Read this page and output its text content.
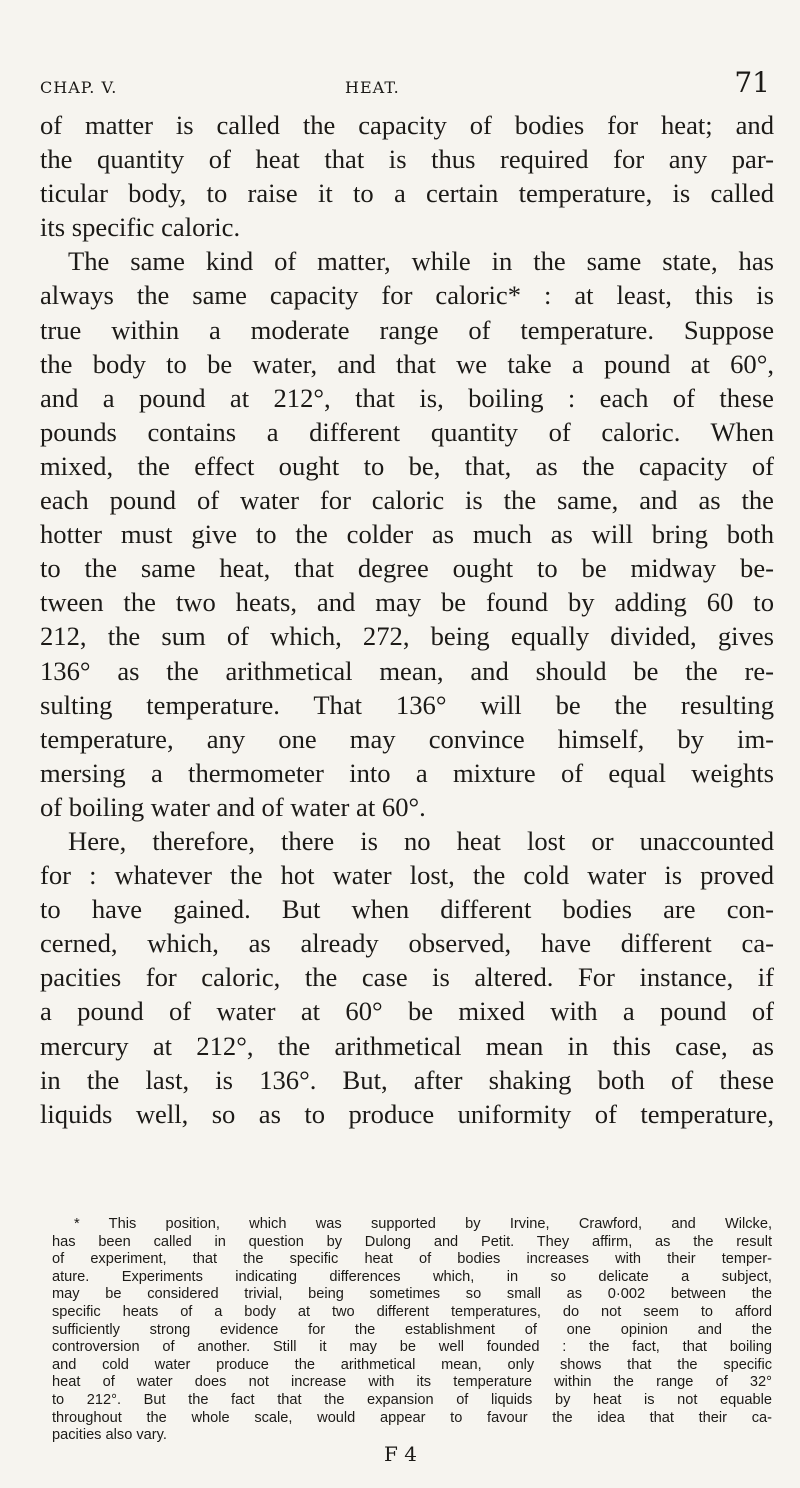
CHAP. V.	HEAT.	71
of matter is called the capacity of bodies for heat; and
the quantity of heat that is thus required for any par-
ticular body, to raise it to a certain temperature, is called
its specific caloric.
The same kind of matter, while in the same state, has
always the same capacity for caloric* : at least, this is
true within a moderate range of temperature. Suppose
the body to be water, and that we take a pound at 60°,
and a pound at 212°, that is, boiling : each of these
pounds contains a different quantity of caloric. When
mixed, the effect ought to be, that, as the capacity of
each pound of water for caloric is the same, and as the
hotter must give to the colder as much as will bring both
to the same heat, that degree ought to be midway be-
tween the two heats, and may be found by adding 60 to
212, the sum of which, 272, being equally divided, gives
136° as the arithmetical mean, and should be the re-
sulting temperature. That 136° will be the resulting
temperature, any one may convince himself, by im-
mersing a thermometer into a mixture of equal weights
of boiling water and of water at 60°.
Here, therefore, there is no heat lost or unaccounted
for : whatever the hot water lost, the cold water is proved
to have gained. But when different bodies are con-
cerned, which, as already observed, have different ca-
pacities for caloric, the case is altered. For instance, if
a pound of water at 60° be mixed with a pound of
mercury at 212°, the arithmetical mean in this case, as
in the last, is 136°. But, after shaking both of these
liquids well, so as to produce uniformity of temperature,
* This position, which was supported by Irvine, Crawford, and Wilcke,
has been called in question by Dulong and Petit. They affirm, as the result
of experiment, that the specific heat of bodies increases with their temper-
ature. Experiments indicating differences which, in so delicate a subject,
may be considered trivial, being sometimes so small as 0·002 between the
specific heats of a body at two different temperatures, do not seem to afford
sufficiently strong evidence for the establishment of one opinion and the
controversion of another. Still it may be well founded : the fact, that boiling
and cold water produce the arithmetical mean, only shows that the specific
heat of water does not increase with its temperature within the range of 32°
to 212°. But the fact that the expansion of liquids by heat is not equable
throughout the whole scale, would appear to favour the idea that their ca-
pacities also vary.
F 4
